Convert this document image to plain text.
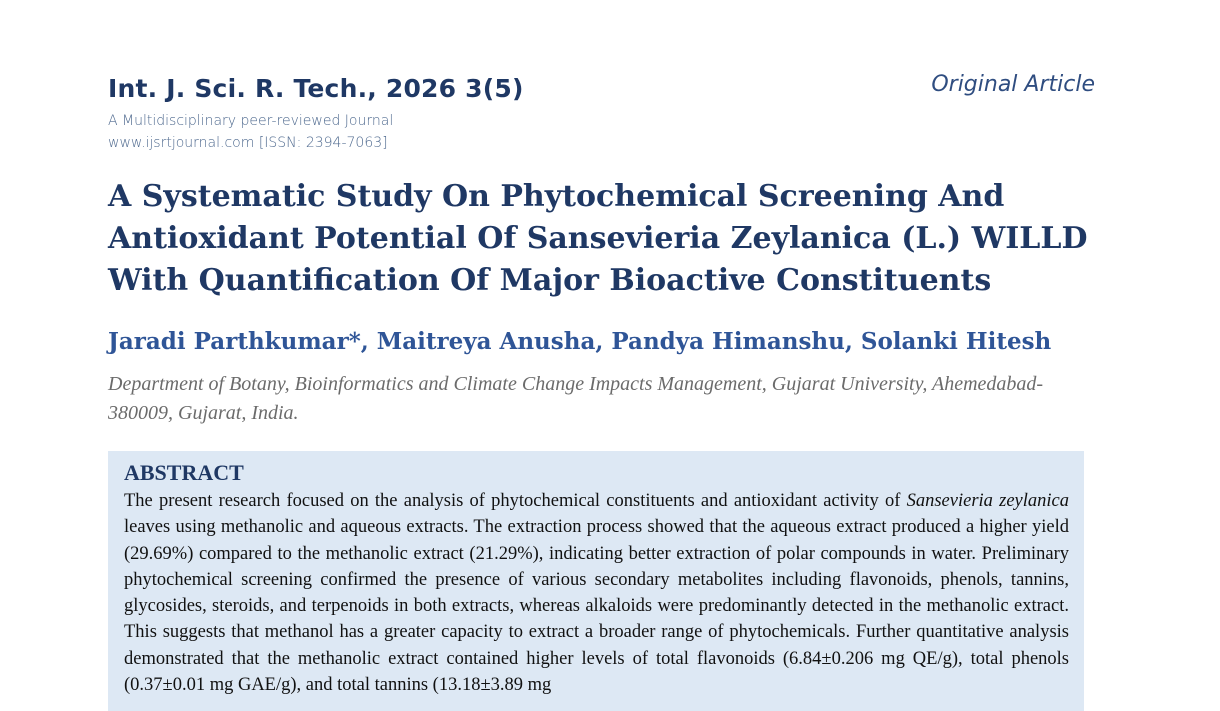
Int. J. Sci. R. Tech., 2026 3(5)
A Multidisciplinary peer-reviewed Journal
www.ijsrtjournal.com [ISSN: 2394-7063]
Original Article
A Systematic Study On Phytochemical Screening And Antioxidant Potential Of Sansevieria Zeylanica (L.) WILLD With Quantification Of Major Bioactive Constituents
Jaradi Parthkumar*, Maitreya Anusha, Pandya Himanshu, Solanki Hitesh
Department of Botany, Bioinformatics and Climate Change Impacts Management, Gujarat University, Ahemedabad-380009, Gujarat, India.
ABSTRACT

The present research focused on the analysis of phytochemical constituents and antioxidant activity of Sansevieria zeylanica leaves using methanolic and aqueous extracts. The extraction process showed that the aqueous extract produced a higher yield (29.69%) compared to the methanolic extract (21.29%), indicating better extraction of polar compounds in water. Preliminary phytochemical screening confirmed the presence of various secondary metabolites including flavonoids, phenols, tannins, glycosides, steroids, and terpenoids in both extracts, whereas alkaloids were predominantly detected in the methanolic extract. This suggests that methanol has a greater capacity to extract a broader range of phytochemicals. Further quantitative analysis demonstrated that the methanolic extract contained higher levels of total flavonoids (6.84±0.206 mg QE/g), total phenols (0.37±0.01 mg GAE/g), and total tannins (13.18±3.89 mg
